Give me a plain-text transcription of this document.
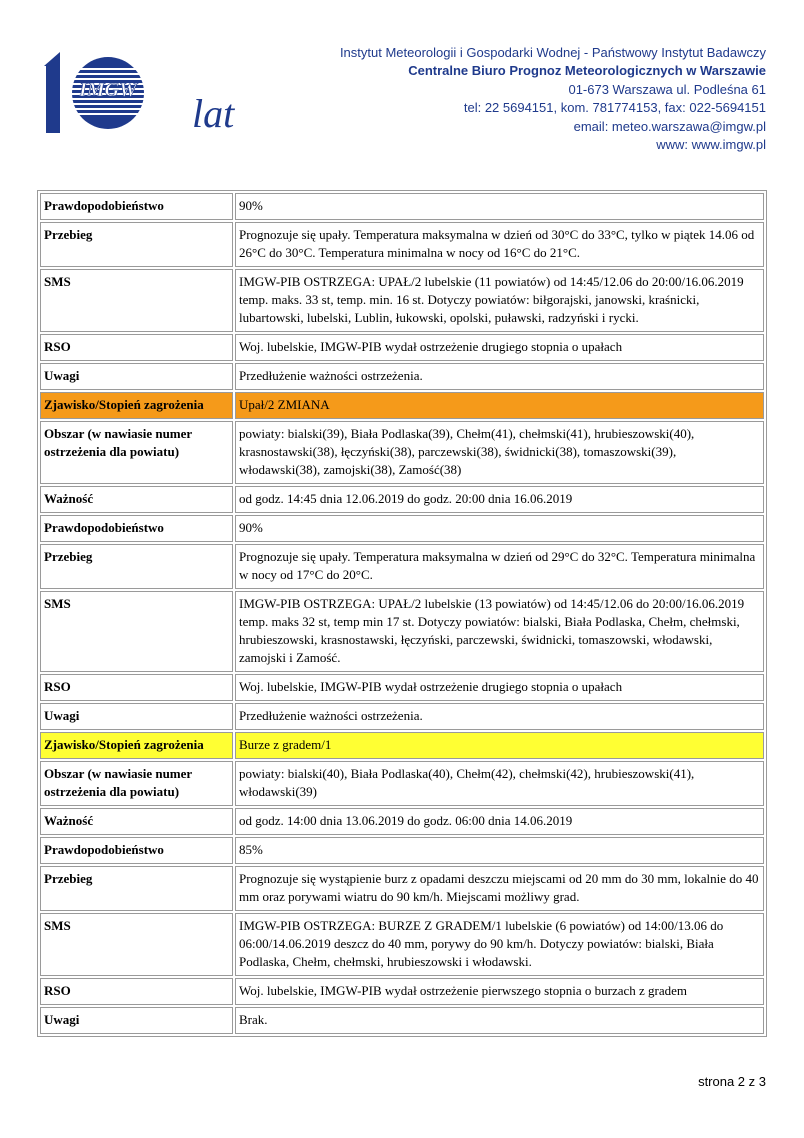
IMGW
lat
Instytut Meteorologii i Gospodarki Wodnej - Państwowy Instytut Badawczy
Centralne Biuro Prognoz Meteorologicznych w Warszawie
01-673 Warszawa ul. Podleśna 61
tel: 22 5694151, kom. 781774153, fax: 022-5694151
email: meteo.warszawa@imgw.pl
www: www.imgw.pl
Prawdopodobieństwo	90%
Przebieg	Prognozuje się upały. Temperatura maksymalna w dzień od 30°C do 33°C, tylko w piątek 14.06 od 26°C do 30°C. Temperatura minimalna w nocy od 16°C do 21°C.
SMS	IMGW-PIB OSTRZEGA: UPAŁ/2 lubelskie (11 powiatów) od 14:45/12.06 do 20:00/16.06.2019 temp. maks. 33 st, temp. min. 16 st. Dotyczy powiatów: biłgorajski, janowski, kraśnicki, lubartowski, lubelski, Lublin, łukowski, opolski, puławski, radzyński i rycki.
RSO	Woj. lubelskie, IMGW-PIB wydał ostrzeżenie drugiego stopnia o upałach
Uwagi	Przedłużenie ważności ostrzeżenia.
Zjawisko/Stopień zagrożenia	Upał/2 ZMIANA
Obszar (w nawiasie numer ostrzeżenia dla powiatu)	powiaty: bialski(39), Biała Podlaska(39), Chełm(41), chełmski(41), hrubieszowski(40), krasnostawski(38), łęczyński(38), parczewski(38), świdnicki(38), tomaszowski(39), włodawski(38), zamojski(38), Zamość(38)
Ważność	od godz. 14:45 dnia 12.06.2019 do godz. 20:00 dnia 16.06.2019
Prawdopodobieństwo	90%
Przebieg	Prognozuje się upały. Temperatura maksymalna w dzień od 29°C do 32°C. Temperatura minimalna w nocy od 17°C do 20°C.
SMS	IMGW-PIB OSTRZEGA: UPAŁ/2 lubelskie (13 powiatów) od 14:45/12.06 do 20:00/16.06.2019 temp. maks 32 st, temp min 17 st. Dotyczy powiatów: bialski, Biała Podlaska, Chełm, chełmski, hrubieszowski, krasnostawski, łęczyński, parczewski, świdnicki, tomaszowski, włodawski, zamojski i Zamość.
RSO	Woj. lubelskie, IMGW-PIB wydał ostrzeżenie drugiego stopnia o upałach
Uwagi	Przedłużenie ważności ostrzeżenia.
Zjawisko/Stopień zagrożenia	Burze z gradem/1
Obszar (w nawiasie numer ostrzeżenia dla powiatu)	powiaty: bialski(40), Biała Podlaska(40), Chełm(42), chełmski(42), hrubieszowski(41), włodawski(39)
Ważność	od godz. 14:00 dnia 13.06.2019 do godz. 06:00 dnia 14.06.2019
Prawdopodobieństwo	85%
Przebieg	Prognozuje się wystąpienie burz z opadami deszczu miejscami od 20 mm do 30 mm, lokalnie do 40 mm oraz porywami wiatru do 90 km/h. Miejscami możliwy grad.
SMS	IMGW-PIB OSTRZEGA: BURZE Z GRADEM/1 lubelskie (6 powiatów) od 14:00/13.06 do 06:00/14.06.2019 deszcz do 40 mm, porywy do 90 km/h. Dotyczy powiatów: bialski, Biała Podlaska, Chełm, chełmski, hrubieszowski i włodawski.
RSO	Woj. lubelskie, IMGW-PIB wydał ostrzeżenie pierwszego stopnia o burzach z gradem
Uwagi	Brak.
strona 2 z 3
